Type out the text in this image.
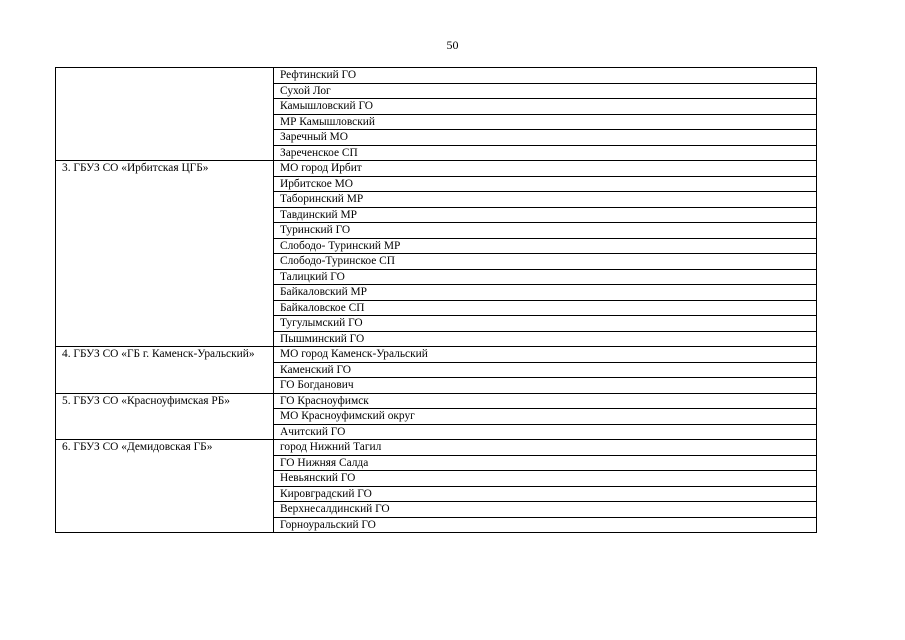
50
	Рефтинский ГО
	Сухой Лог
	Камышловский ГО
	МР Камышловский
	Заречный МО
	Зареченское СП
3. ГБУЗ СО «Ирбитская ЦГБ»	МО город Ирбит
	Ирбитское МО
	Таборинский МР
	Тавдинский МР
	Туринский ГО
	Слободо- Туринский МР
	Слободо-Туринское СП
	Талицкий ГО
	Байкаловский МР
	Байкаловское СП
	Тугулымский ГО
	Пышминский ГО
4. ГБУЗ СО «ГБ г. Каменск-Уральский»	МО город Каменск-Уральский
	Каменский ГО
	ГО Богданович
5. ГБУЗ СО «Красноуфимская РБ»	ГО Красноуфимск
	МО Красноуфимский округ
	Ачитский ГО
6. ГБУЗ СО «Демидовская ГБ»	город Нижний Тагил
	ГО Нижняя Салда
	Невьянский ГО
	Кировградский ГО
	Верхнесалдинский ГО
	Горноуральский ГО
